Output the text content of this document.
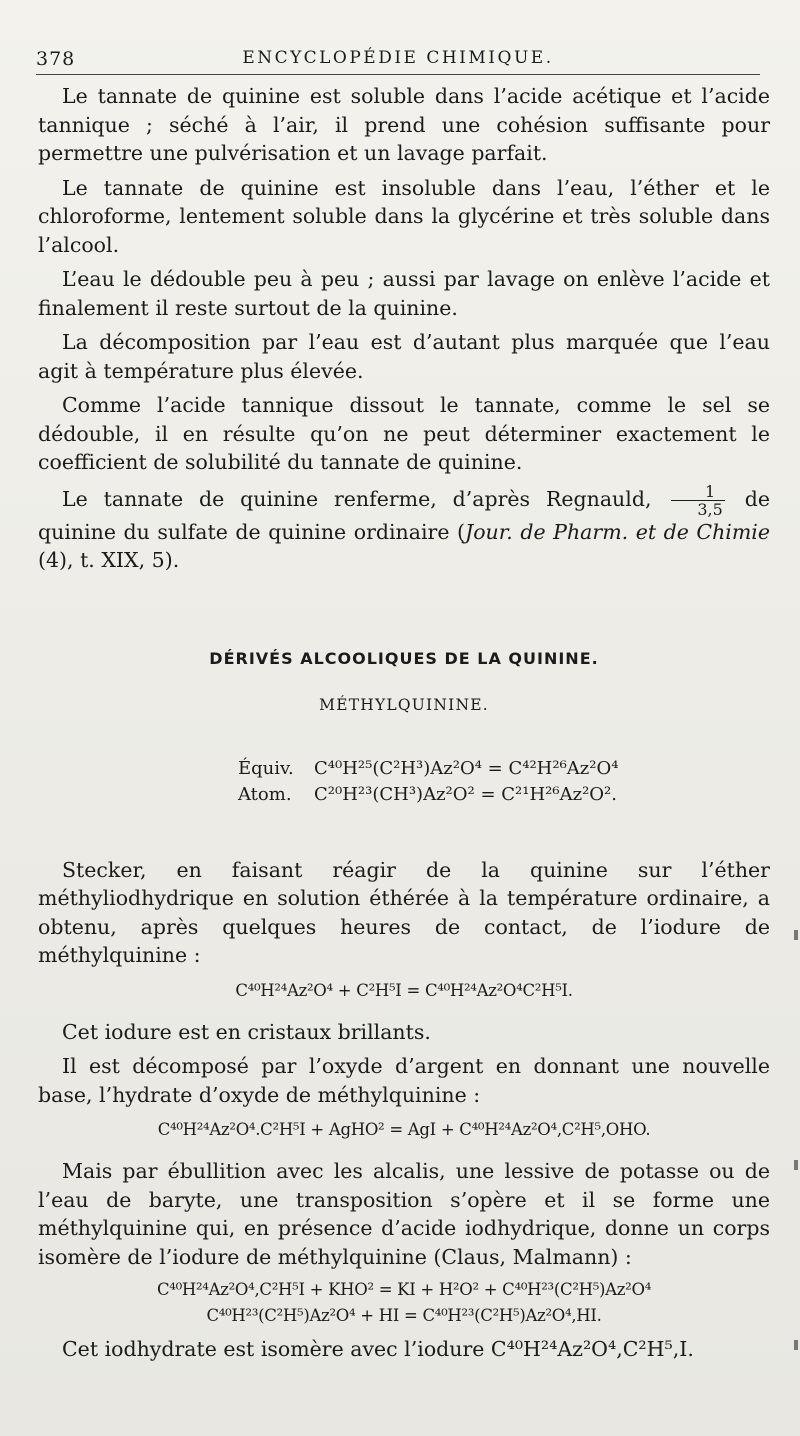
378	ENCYCLOPÉDIE CHIMIQUE.

Le tannate de quinine est soluble dans l’acide acétique et l’acide tannique ; séché à l’air, il prend une cohésion suffisante pour permettre une pulvérisation et un lavage parfait.

Le tannate de quinine est insoluble dans l’eau, l’éther et le chloroforme, lentement soluble dans la glycérine et très soluble dans l’alcool.

L’eau le dédouble peu à peu ; aussi par lavage on enlève l’acide et finalement il reste surtout de la quinine.

La décomposition par l’eau est d’autant plus marquée que l’eau agit à température plus élevée.

Comme l’acide tannique dissout le tannate, comme le sel se dédouble, il en résulte qu’on ne peut déterminer exactement le coefficient de solubilité du tannate de quinine.

Le tannate de quinine renferme, d’après Regnauld, $\frac{1}{3,5}$ de quinine du sulfate de quinine ordinaire (Jour. de Pharm. et de Chimie (4), t. XIX, 5).

DÉRIVÉS ALCOOLIQUES DE LA QUININE.
MÉTHYLQUININE.
Équiv. C⁴⁰H²⁵(C²H³)Az²O⁴ = C⁴²H²⁶Az²O⁴
Atom. C²⁰H²³(CH³)Az²O² = C²¹H²⁶Az²O².

Stecker, en faisant réagir de la quinine sur l’éther méthyliodhydrique en solution éthérée à la température ordinaire, a obtenu, après quelques heures de contact, de l’iodure de méthylquinine :

C⁴⁰H²⁴Az²O⁴ + C²H⁵I = C⁴⁰H²⁴Az²O⁴C²H⁵I.

Cet iodure est en cristaux brillants.

Il est décomposé par l’oxyde d’argent en donnant une nouvelle base, l’hydrate d’oxyde de méthylquinine :

C⁴⁰H²⁴Az²O⁴.C²H⁵I + AgHO² = AgI + C⁴⁰H²⁴Az²O⁴,C²H⁵,OHO.

Mais par ébullition avec les alcalis, une lessive de potasse ou de l’eau de baryte, une transposition s’opère et il se forme une méthylquinine qui, en présence d’acide iodhydrique, donne un corps isomère de l’iodure de méthylquinine (Claus, Malmann) :

C⁴⁰H²⁴Az²O⁴,C²H⁵I + KHO² = KI + H²O² + C⁴⁰H²³(C²H⁵)Az²O⁴
C⁴⁰H²³(C²H⁵)Az²O⁴ + HI = C⁴⁰H²³(C²H⁵)Az²O⁴,HI.

Cet iodhydrate est isomère avec l’iodure C⁴⁰H²⁴Az²O⁴,C²H⁵,I.
